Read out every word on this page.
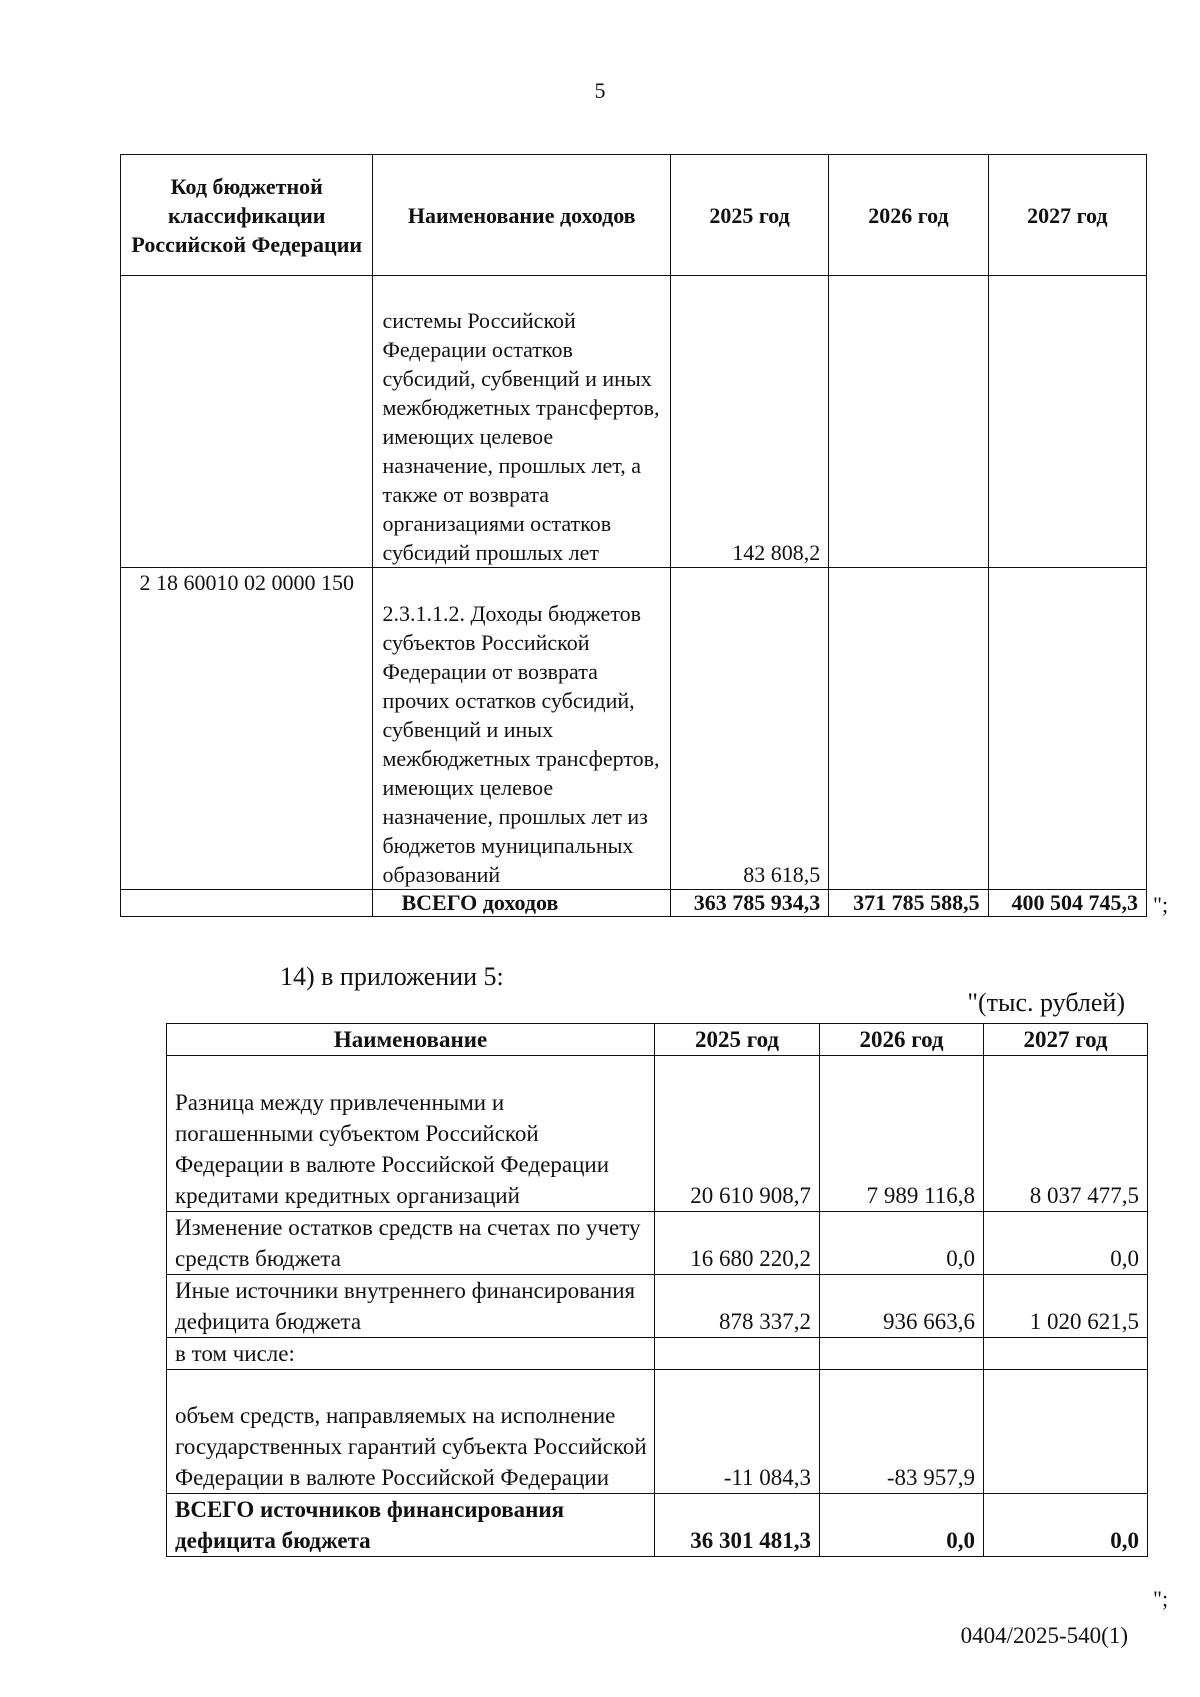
5
Код бюджетной классификации Российской Федерации	Наименование доходов	2025 год	2026 год	2027 год
	системы Российской Федерации остатков субсидий, субвенций и иных межбюджетных трансфертов, имеющих целевое назначение, прошлых лет, а также от возврата организациями остатков субсидий прошлых лет	142 808,2		
2 18 60010 02 0000 150	2.3.1.1.2. Доходы бюджетов субъектов Российской Федерации от возврата прочих остатков субсидий, субвенций и иных межбюджетных трансфертов, имеющих целевое назначение, прошлых лет из бюджетов муниципальных образований	83 618,5		
	ВСЕГО доходов	363 785 934,3	371 785 588,5	400 504 745,3 ";
14) в приложении 5:
"(тыс. рублей)
Наименование	2025 год	2026 год	2027 год
Разница между привлеченными и погашенными субъектом Российской Федерации в валюте Российской Федерации кредитами кредитных организаций	20 610 908,7	7 989 116,8	8 037 477,5
Изменение остатков средств на счетах по учету средств бюджета	16 680 220,2	0,0	0,0
Иные источники внутреннего финансирования дефицита бюджета	878 337,2	936 663,6	1 020 621,5
в том числе:			
объем средств, направляемых на исполнение государственных гарантий субъекта Российской Федерации в валюте Российской Федерации	-11 084,3	-83 957,9	
ВСЕГО источников финансирования дефицита бюджета	36 301 481,3	0,0	0,0
";
0404/2025-540(1)
